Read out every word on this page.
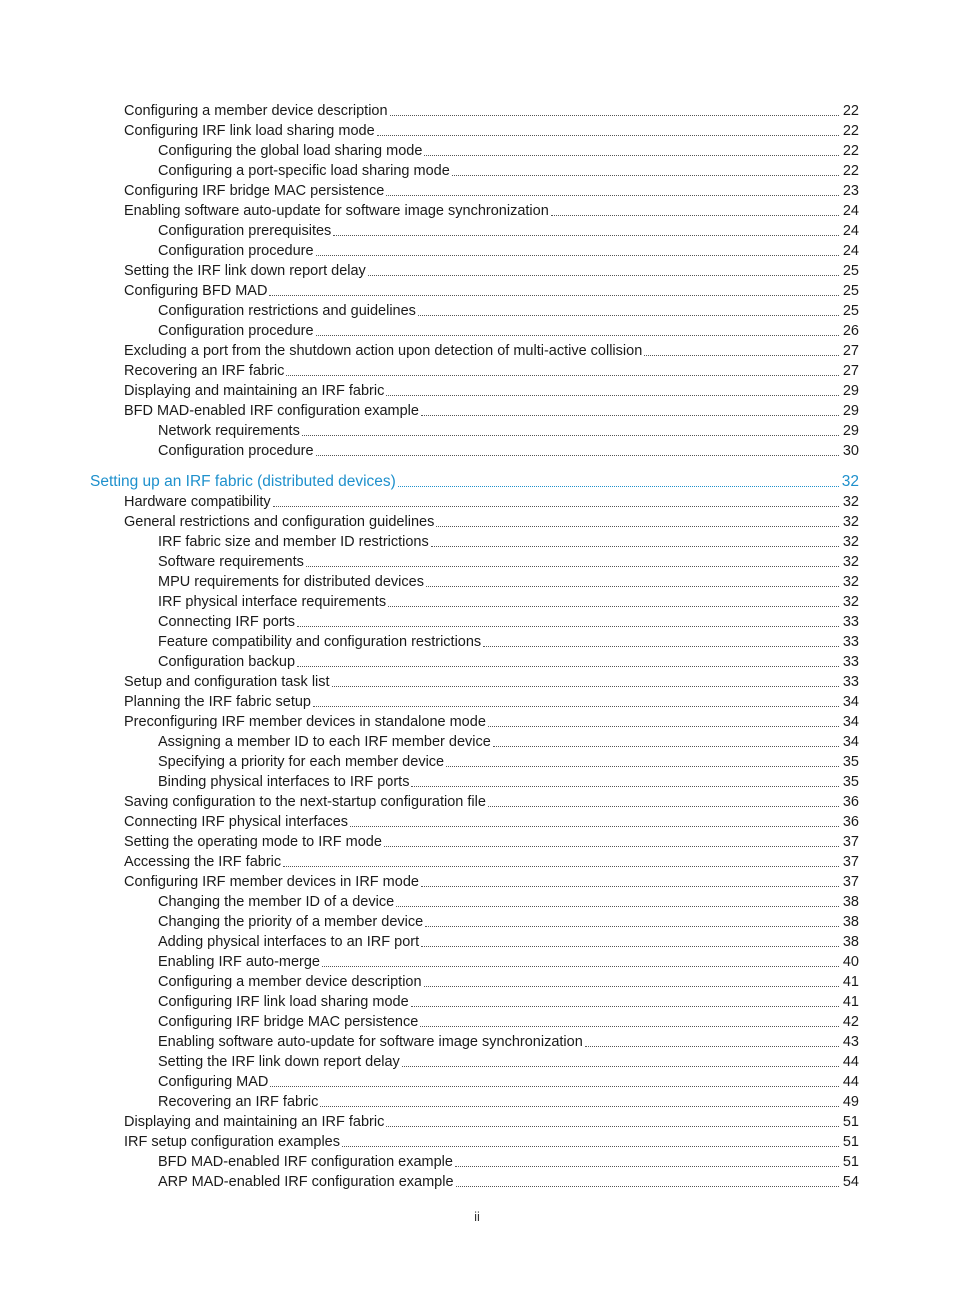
Configuring a member device description	22
Configuring IRF link load sharing mode	22
Configuring the global load sharing mode	22
Configuring a port-specific load sharing mode	22
Configuring IRF bridge MAC persistence	23
Enabling software auto-update for software image synchronization	24
Configuration prerequisites	24
Configuration procedure	24
Setting the IRF link down report delay	25
Configuring BFD MAD	25
Configuration restrictions and guidelines	25
Configuration procedure	26
Excluding a port from the shutdown action upon detection of multi-active collision	27
Recovering an IRF fabric	27
Displaying and maintaining an IRF fabric	29
BFD MAD-enabled IRF configuration example	29
Network requirements	29
Configuration procedure	30
Setting up an IRF fabric (distributed devices)	32
Hardware compatibility	32
General restrictions and configuration guidelines	32
IRF fabric size and member ID restrictions	32
Software requirements	32
MPU requirements for distributed devices	32
IRF physical interface requirements	32
Connecting IRF ports	33
Feature compatibility and configuration restrictions	33
Configuration backup	33
Setup and configuration task list	33
Planning the IRF fabric setup	34
Preconfiguring IRF member devices in standalone mode	34
Assigning a member ID to each IRF member device	34
Specifying a priority for each member device	35
Binding physical interfaces to IRF ports	35
Saving configuration to the next-startup configuration file	36
Connecting IRF physical interfaces	36
Setting the operating mode to IRF mode	37
Accessing the IRF fabric	37
Configuring IRF member devices in IRF mode	37
Changing the member ID of a device	38
Changing the priority of a member device	38
Adding physical interfaces to an IRF port	38
Enabling IRF auto-merge	40
Configuring a member device description	41
Configuring IRF link load sharing mode	41
Configuring IRF bridge MAC persistence	42
Enabling software auto-update for software image synchronization	43
Setting the IRF link down report delay	44
Configuring MAD	44
Recovering an IRF fabric	49
Displaying and maintaining an IRF fabric	51
IRF setup configuration examples	51
BFD MAD-enabled IRF configuration example	51
ARP MAD-enabled IRF configuration example	54
ii
